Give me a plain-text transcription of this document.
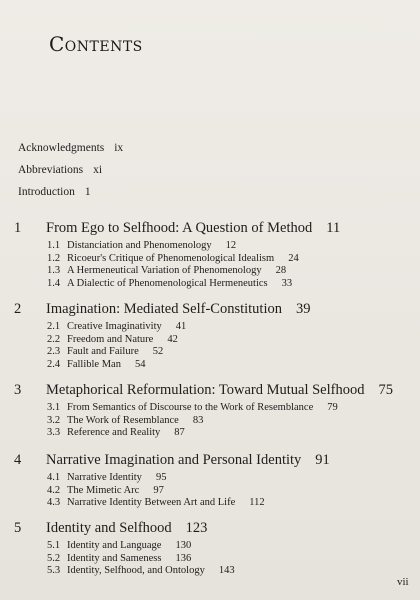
Contents
Acknowledgments ix
Abbreviations xi
Introduction 1
1 From Ego to Selfhood: A Question of Method 11
1.1 Distanciation and Phenomenology 12
1.2 Ricoeur's Critique of Phenomenological Idealism 24
1.3 A Hermeneutical Variation of Phenomenology 28
1.4 A Dialectic of Phenomenological Hermeneutics 33
2 Imagination: Mediated Self-Constitution 39
2.1 Creative Imaginativity 41
2.2 Freedom and Nature 42
2.3 Fault and Failure 52
2.4 Fallible Man 54
3 Metaphorical Reformulation: Toward Mutual Selfhood 75
3.1 From Semantics of Discourse to the Work of Resemblance 79
3.2 The Work of Resemblance 83
3.3 Reference and Reality 87
4 Narrative Imagination and Personal Identity 91
4.1 Narrative Identity 95
4.2 The Mimetic Arc 97
4.3 Narrative Identity Between Art and Life 112
5 Identity and Selfhood 123
5.1 Identity and Language 130
5.2 Identity and Sameness 136
5.3 Identity, Selfhood, and Ontology 143
vii
